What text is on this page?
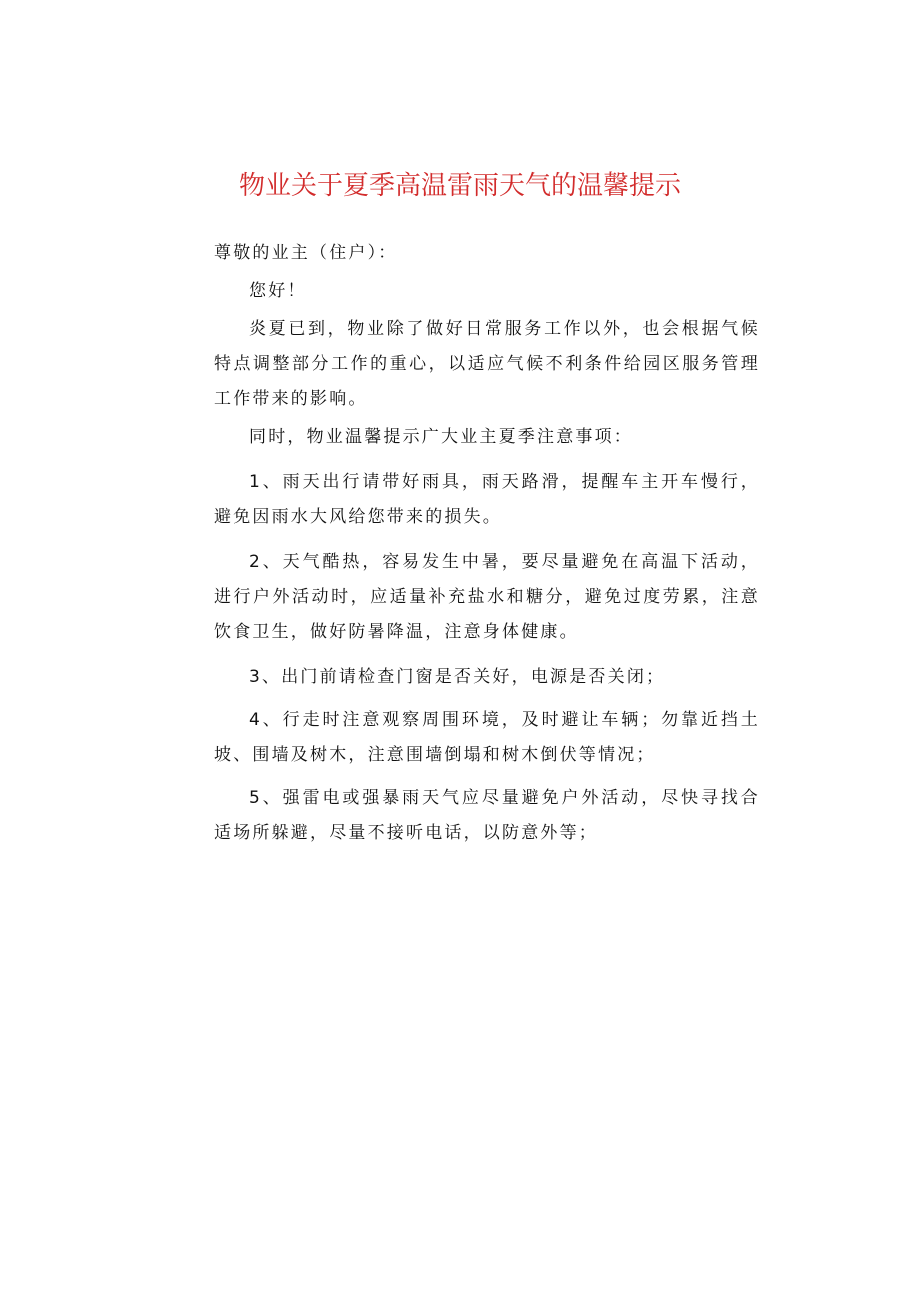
物业关于夏季高温雷雨天气的温馨提示

尊敬的业主（住户）：

您好！

炎夏已到，物业除了做好日常服务工作以外，也会根据气候特点调整部分工作的重心，以适应气候不利条件给园区服务管理工作带来的影响。

同时，物业温馨提示广大业主夏季注意事项：

1、雨天出行请带好雨具，雨天路滑，提醒车主开车慢行，避免因雨水大风给您带来的损失。

2、天气酷热，容易发生中暑，要尽量避免在高温下活动，进行户外活动时，应适量补充盐水和糖分，避免过度劳累，注意饮食卫生，做好防暑降温，注意身体健康。

3、出门前请检查门窗是否关好，电源是否关闭；

4、行走时注意观察周围环境，及时避让车辆；勿靠近挡土坡、围墙及树木，注意围墙倒塌和树木倒伏等情况；

5、强雷电或强暴雨天气应尽量避免户外活动，尽快寻找合适场所躲避，尽量不接听电话，以防意外等；
